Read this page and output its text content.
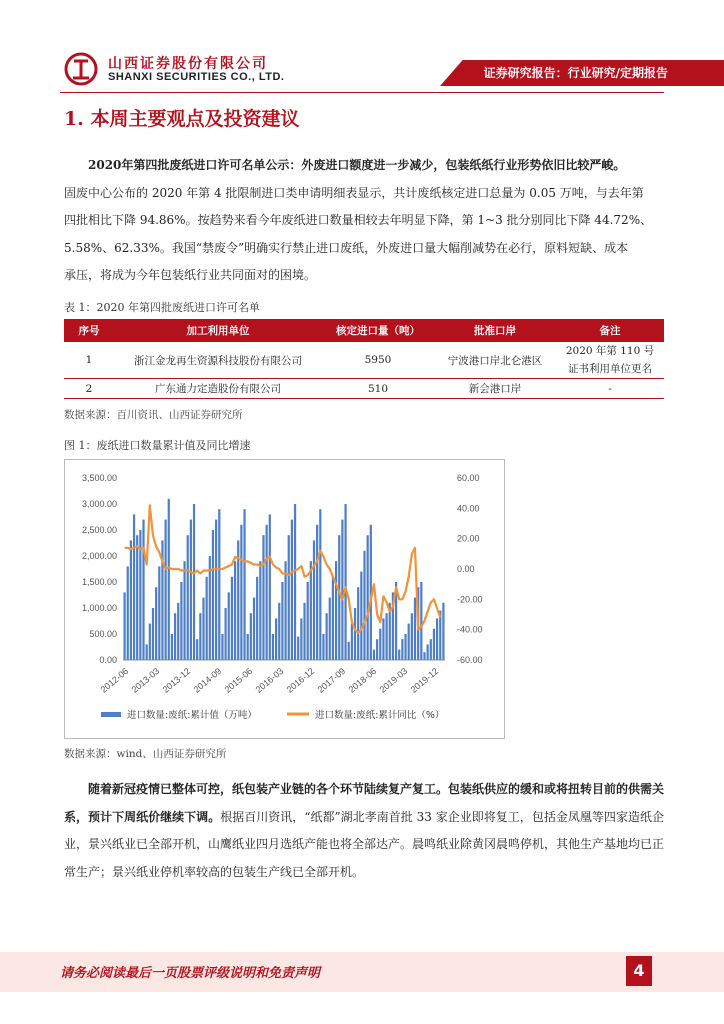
山西证券股份有限公司
SHANXI SECURITIES CO., LTD.	证券研究报告：行业研究/定期报告
1. 本周主要观点及投资建议
2020年第四批废纸进口许可名单公示：外废进口额度进一步减少，包装纸纸行业形势依旧比较严峻。
固废中心公布的 2020 年第 4 批限制进口类申请明细表显示，共计废纸核定进口总量为 0.05 万吨，与去年第
四批相比下降 94.86%。按趋势来看今年废纸进口数量相较去年明显下降，第 1~3 批分别同比下降 44.72%、
5.58%、62.33%。我国“禁废令”明确实行禁止进口废纸，外废进口量大幅削减势在必行，原料短缺、成本
承压，将成为今年包装纸行业共同面对的困境。
表 1：2020 年第四批废纸进口许可名单
序号	加工利用单位	核定进口量（吨）	批准口岸	备注
1	浙江金龙再生资源科技股份有限公司	5950	宁波港口岸北仑港区	2020 年第 110 号证书利用单位更名
2	广东通力定造股份有限公司	510	新会港口岸	-
数据来源：百川资讯、山西证券研究所
图 1：废纸进口数量累计值及同比增速
3,500.00
3,000.00
2,500.00
2,000.00
1,500.00
1,000.00
500.00
0.00
60.00
40.00
20.00
0.00
-20.00
-40.00
-60.00
2012-06 2013-03 2013-12 2014-09 2015-06 2016-03 2016-12 2017-09 2018-06 2019-03 2019-12
进口数量:废纸:累计值（万吨）	进口数量:废纸:累计同比（%）
数据来源：wind、山西证券研究所
随着新冠疫情已整体可控，纸包装产业链的各个环节陆续复产复工。包装纸供应的缓和或将扭转目前的供需关系，预计下周纸价继续下调。根据百川资讯，“纸都”湖北孝南首批 33 家企业即将复工，包括金凤凰等四家造纸企业，景兴纸业已全部开机，山鹰纸业四月选纸产能也将全部达产。晨鸣纸业除黄冈晨鸣停机，其他生产基地均已正常生产；景兴纸业停机率较高的包装生产线已全部开机。
请务必阅读最后一页股票评级说明和免责声明	4
